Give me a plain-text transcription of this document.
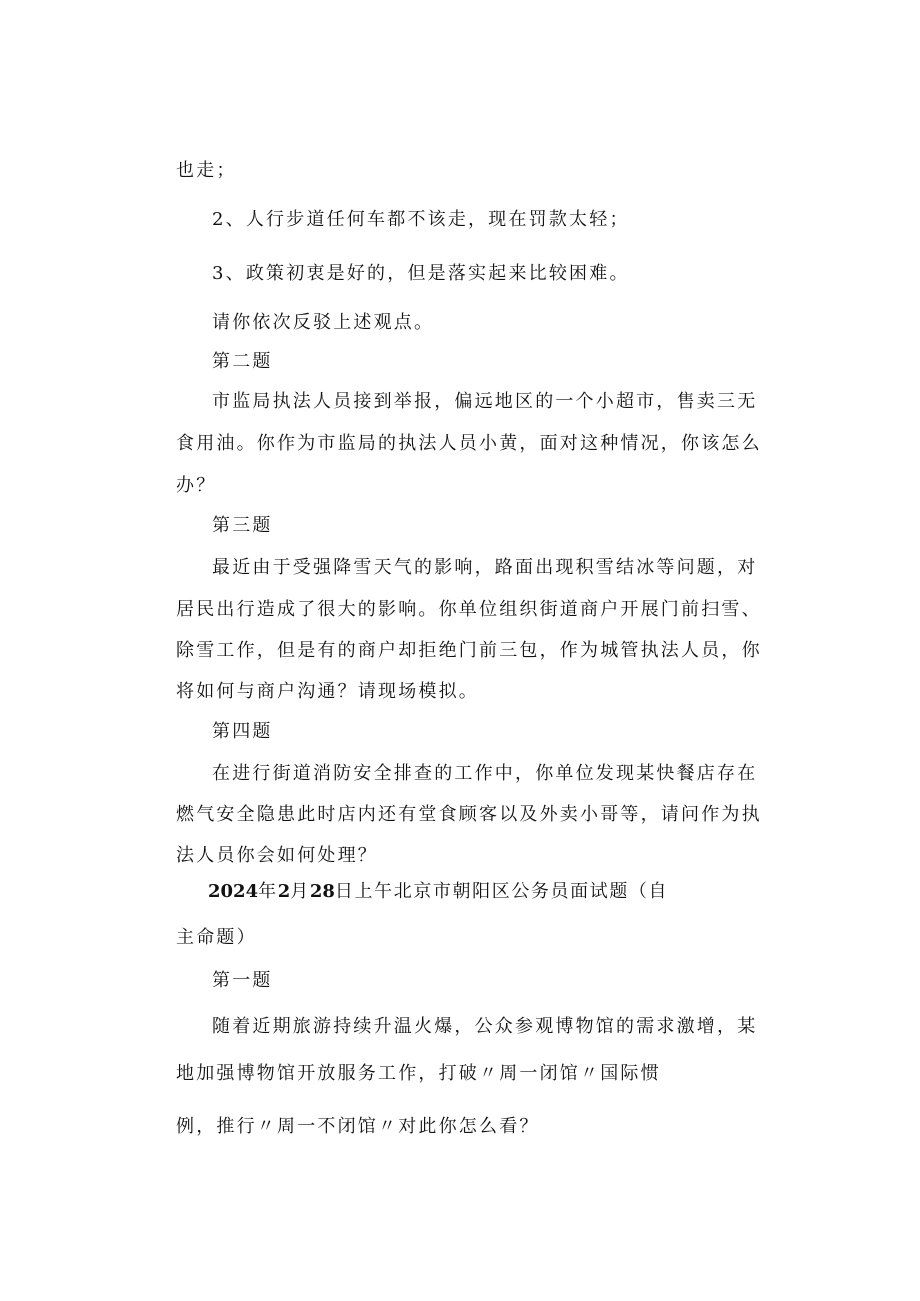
也走；
2、人行步道任何车都不该走，现在罚款太轻；
3、政策初衷是好的，但是落实起来比较困难。
请你依次反驳上述观点。
第二题
市监局执法人员接到举报，偏远地区的一个小超市，售卖三无
食用油。你作为市监局的执法人员小黄，面对这种情况，你该怎么
办？
第三题
最近由于受强降雪天气的影响，路面出现积雪结冰等问题，对
居民出行造成了很大的影响。你单位组织街道商户开展门前扫雪、
除雪工作，但是有的商户却拒绝门前三包，作为城管执法人员，你
将如何与商户沟通？请现场模拟。
第四题
在进行街道消防安全排查的工作中，你单位发现某快餐店存在
燃气安全隐患此时店内还有堂食顾客以及外卖小哥等，请问作为执
法人员你会如何处理？
2024年2月28日上午北京市朝阳区公务员面试题（自
主命题）
第一题
随着近期旅游持续升温火爆，公众参观博物馆的需求激增，某
地加强博物馆开放服务工作，打破〃周一闭馆〃国际惯
例，推行〃周一不闭馆〃对此你怎么看？
